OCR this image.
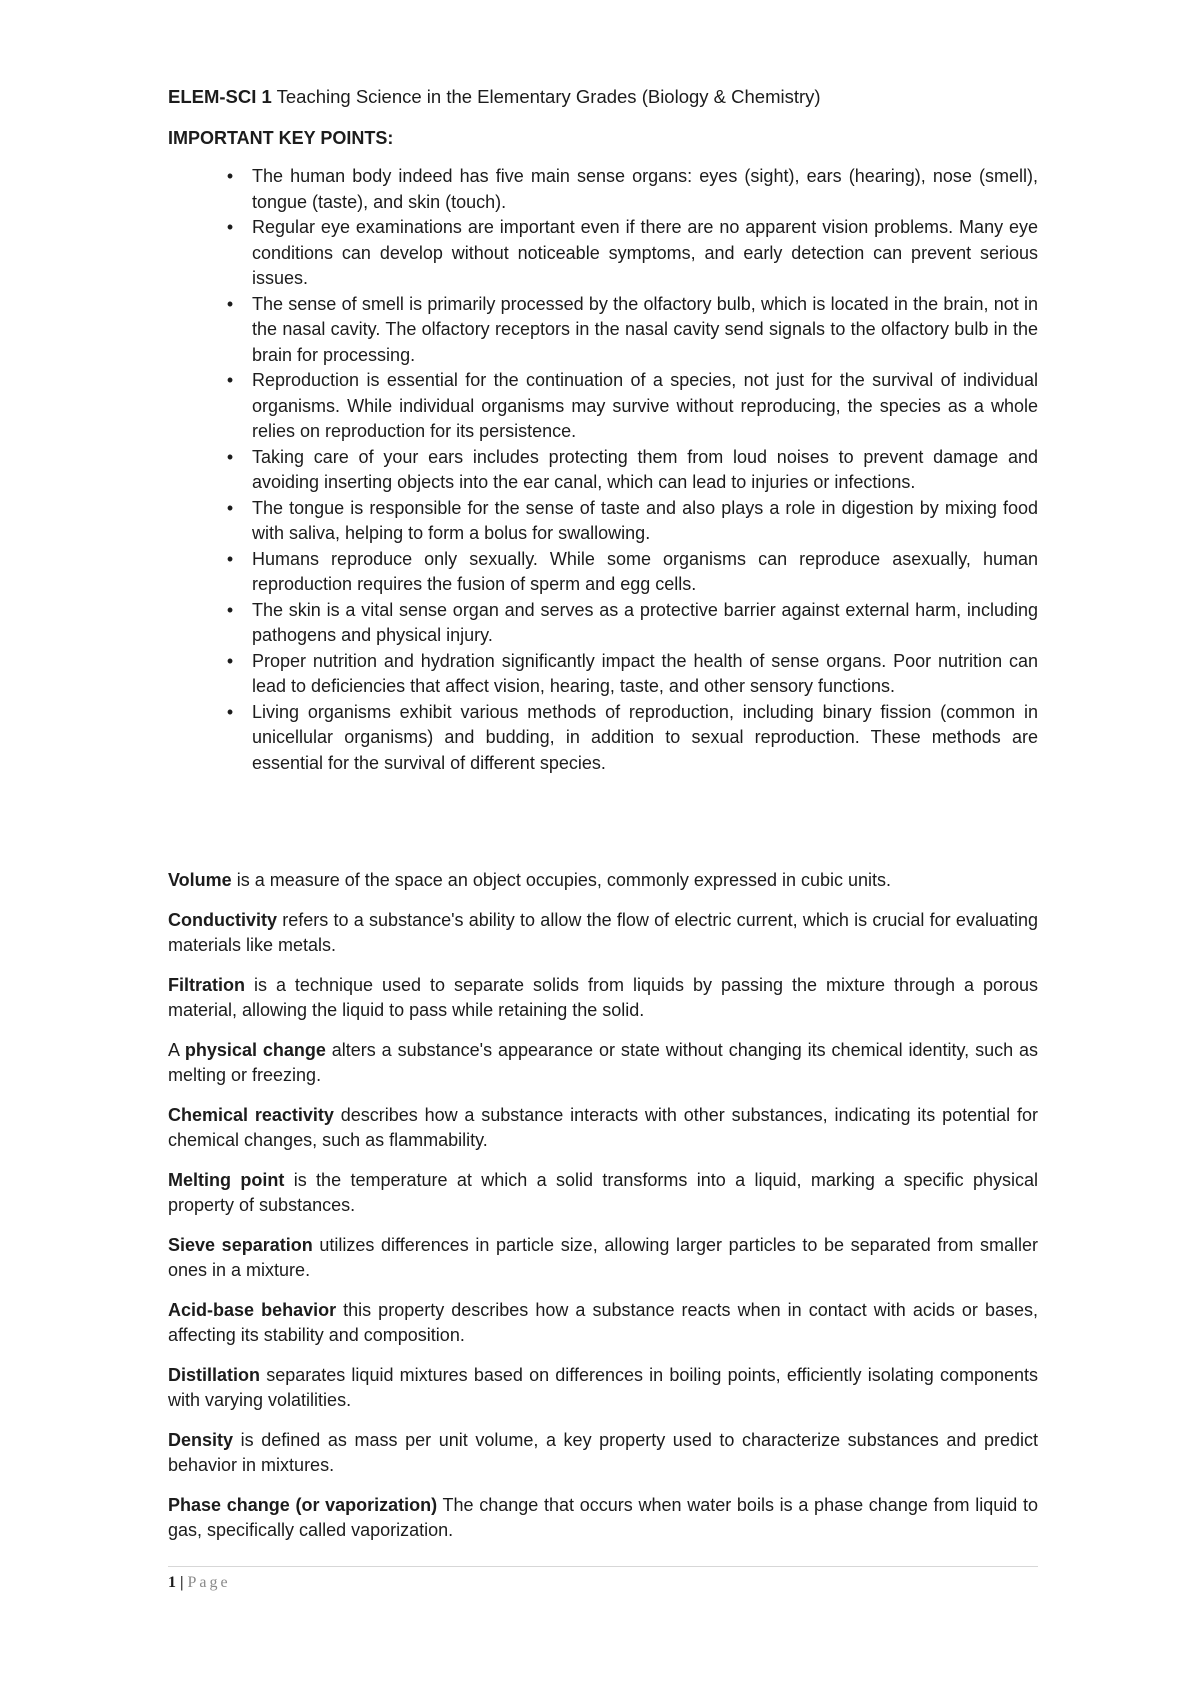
ELEM-SCI 1 Teaching Science in the Elementary Grades (Biology & Chemistry)
IMPORTANT KEY POINTS:
•	The human body indeed has five main sense organs: eyes (sight), ears (hearing), nose (smell), tongue (taste), and skin (touch).
•	Regular eye examinations are important even if there are no apparent vision problems. Many eye conditions can develop without noticeable symptoms, and early detection can prevent serious issues.
•	The sense of smell is primarily processed by the olfactory bulb, which is located in the brain, not in the nasal cavity. The olfactory receptors in the nasal cavity send signals to the olfactory bulb in the brain for processing.
•	Reproduction is essential for the continuation of a species, not just for the survival of individual organisms. While individual organisms may survive without reproducing, the species as a whole relies on reproduction for its persistence.
•	Taking care of your ears includes protecting them from loud noises to prevent damage and avoiding inserting objects into the ear canal, which can lead to injuries or infections.
•	The tongue is responsible for the sense of taste and also plays a role in digestion by mixing food with saliva, helping to form a bolus for swallowing.
•	Humans reproduce only sexually. While some organisms can reproduce asexually, human reproduction requires the fusion of sperm and egg cells.
•	The skin is a vital sense organ and serves as a protective barrier against external harm, including pathogens and physical injury.
•	Proper nutrition and hydration significantly impact the health of sense organs. Poor nutrition can lead to deficiencies that affect vision, hearing, taste, and other sensory functions.
•	Living organisms exhibit various methods of reproduction, including binary fission (common in unicellular organisms) and budding, in addition to sexual reproduction. These methods are essential for the survival of different species.

Volume is a measure of the space an object occupies, commonly expressed in cubic units.

Conductivity refers to a substance's ability to allow the flow of electric current, which is crucial for evaluating materials like metals.

Filtration is a technique used to separate solids from liquids by passing the mixture through a porous material, allowing the liquid to pass while retaining the solid.

A physical change alters a substance's appearance or state without changing its chemical identity, such as melting or freezing.

Chemical reactivity describes how a substance interacts with other substances, indicating its potential for chemical changes, such as flammability.

Melting point is the temperature at which a solid transforms into a liquid, marking a specific physical property of substances.

Sieve separation utilizes differences in particle size, allowing larger particles to be separated from smaller ones in a mixture.

Acid-base behavior this property describes how a substance reacts when in contact with acids or bases, affecting its stability and composition.

Distillation separates liquid mixtures based on differences in boiling points, efficiently isolating components with varying volatilities.

Density is defined as mass per unit volume, a key property used to characterize substances and predict behavior in mixtures.

Phase change (or vaporization) The change that occurs when water boils is a phase change from liquid to gas, specifically called vaporization.

1 | Page
